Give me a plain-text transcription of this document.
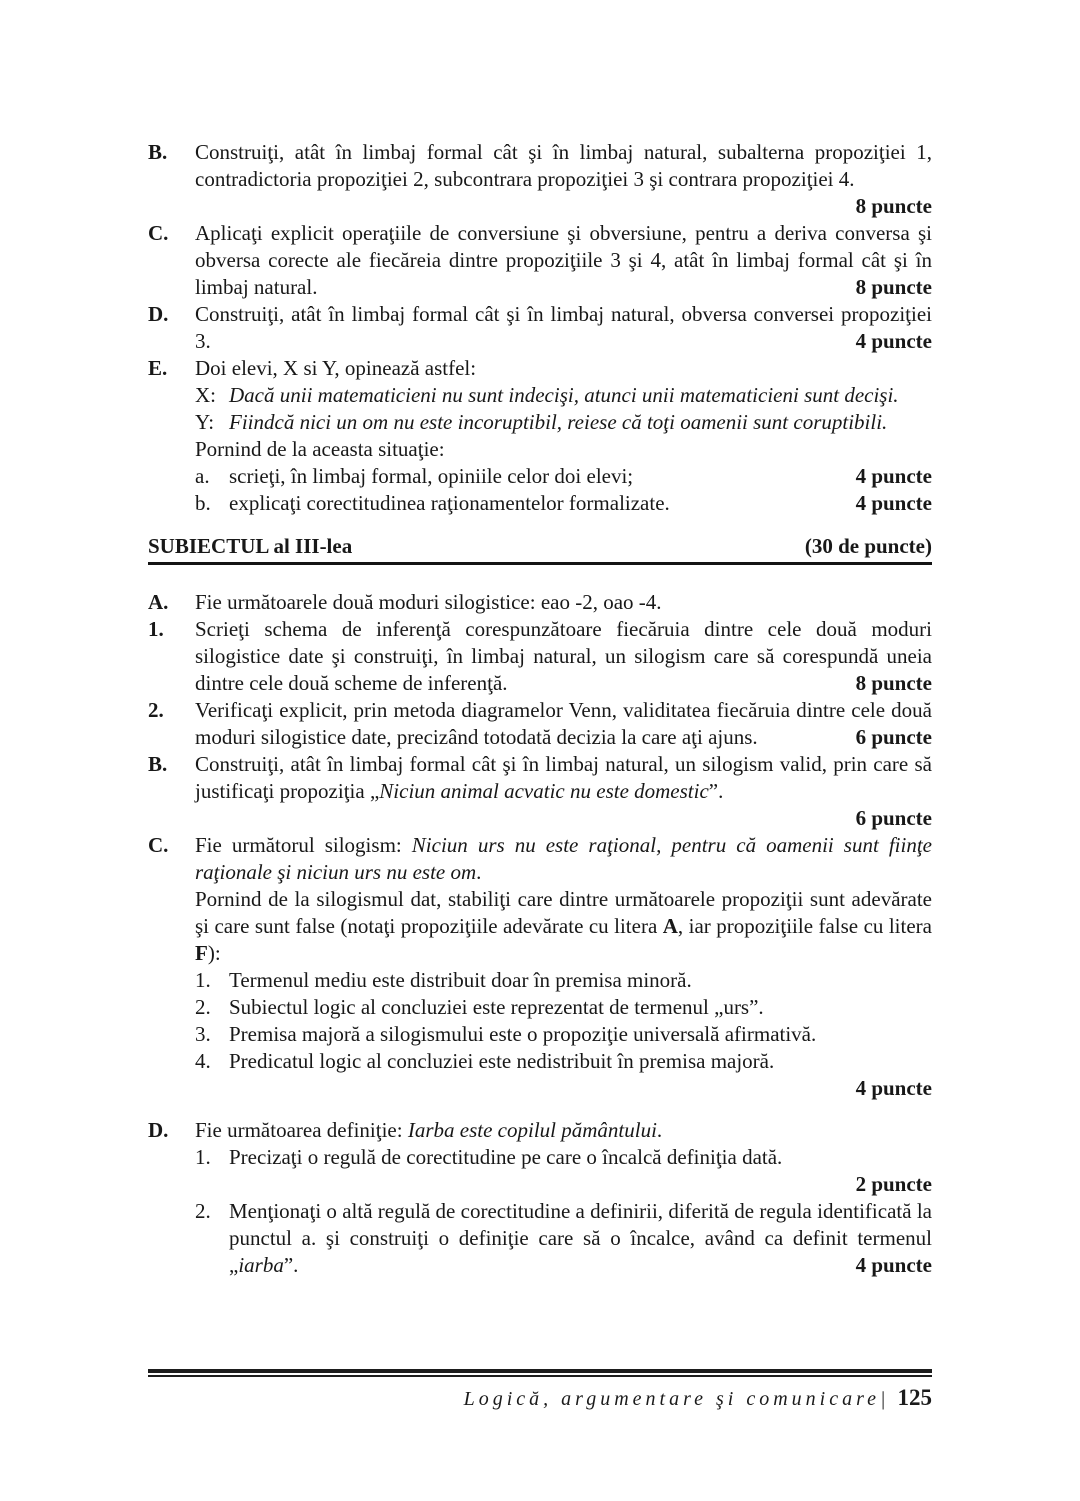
B. Construiţi, atât în limbaj formal cât şi în limbaj natural, subalterna propoziţiei 1, contradictoria propoziţiei 2, subcontrara propoziţiei 3 şi contrara propoziţiei 4.
8 puncte
C. Aplicaţi explicit operaţiile de conversiune şi obversiune, pentru a deriva conversa şi obversa corecte ale fiecăreia dintre propoziţiile 3 şi 4, atât în limbaj formal cât şi în limbaj natural.	8 puncte
D. Construiţi, atât în limbaj formal cât şi în limbaj natural, obversa conversei propoziţiei 3.	4 puncte
E. Doi elevi, X si Y, opinează astfel:
X: Dacă unii matematicieni nu sunt indecişi, atunci unii matematicieni sunt decişi.
Y: Fiindcă nici un om nu este incoruptibil, reiese că toţi oamenii sunt coruptibili.
Pornind de la aceasta situaţie:
a. scrieţi, în limbaj formal, opiniile celor doi elevi;	4 puncte
b. explicaţi corectitudinea raţionamentelor formalizate.	4 puncte
SUBIECTUL al III-lea	(30 de puncte)
A. Fie următoarele două moduri silogistice: eao -2, oao -4.
1. Scrieţi schema de inferenţă corespunzătoare fiecăruia dintre cele două moduri silogistice date şi construiţi, în limbaj natural, un silogism care să corespundă uneia dintre cele două scheme de inferenţă.	8 puncte
2. Verificaţi explicit, prin metoda diagramelor Venn, validitatea fiecăruia dintre cele două moduri silogistice date, precizând totodată decizia la care aţi ajuns.	6 puncte
B. Construiţi, atât în limbaj formal cât şi în limbaj natural, un silogism valid, prin care să justificaţi propoziţia „Niciun animal acvatic nu este domestic”.
6 puncte
C. Fie următorul silogism: Niciun urs nu este raţional, pentru că oamenii sunt fiinţe raţionale şi niciun urs nu este om.
Pornind de la silogismul dat, stabiliţi care dintre următoarele propoziţii sunt adevărate şi care sunt false (notaţi propoziţiile adevărate cu litera A, iar propoziţiile false cu litera F):
1. Termenul mediu este distribuit doar în premisa minoră.
2. Subiectul logic al concluziei este reprezentat de termenul „urs”.
3. Premisa majoră a silogismului este o propoziţie universală afirmativă.
4. Predicatul logic al concluziei este nedistribuit în premisa majoră.
4 puncte
D. Fie următoarea definiţie: Iarba este copilul pământului.
1. Precizaţi o regulă de corectitudine pe care o încalcă definiţia dată.
2 puncte
2. Menţionaţi o altă regulă de corectitudine a definirii, diferită de regula identificată la punctul a. şi construiţi o definiţie care să o încalce, având ca definit termenul „iarba”.	4 puncte
Logică, argumentare şi comunicare| 125
